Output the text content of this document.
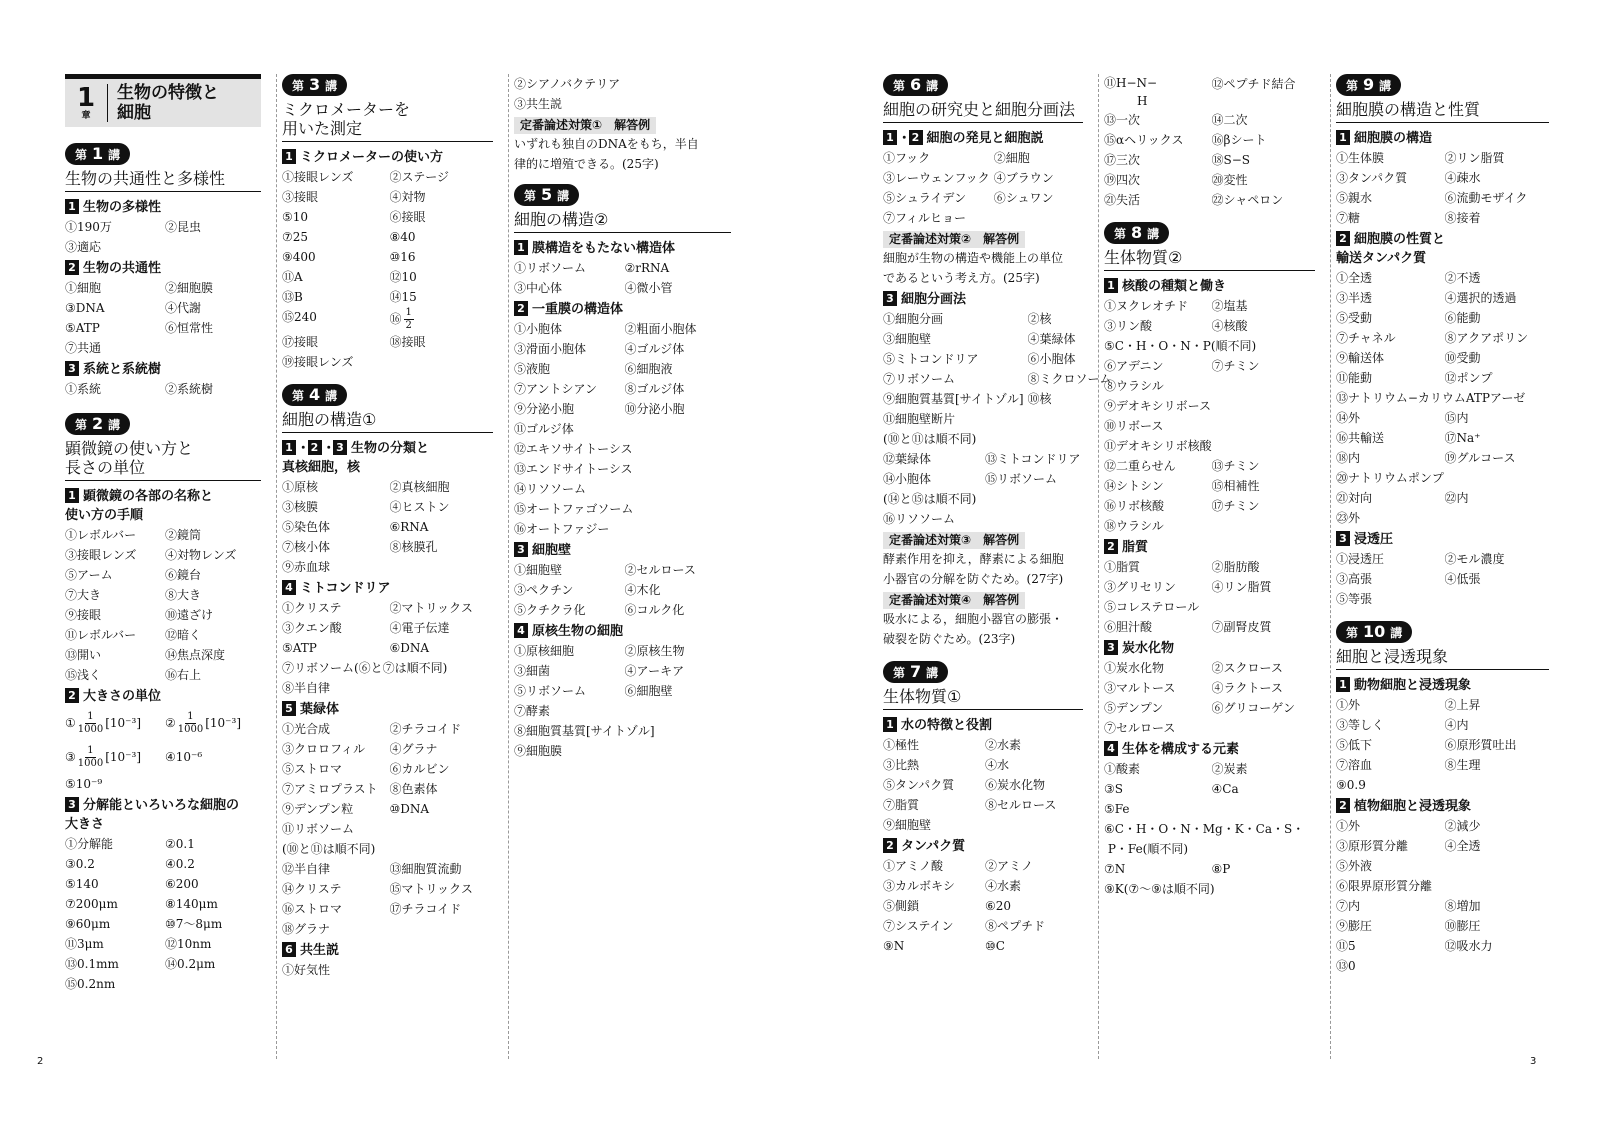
1
章
生物の特徴と
細胞
第 1 講
生物の共通性と多様性
1 生物の多様性
①190万	②昆虫
③適応
2 生物の共通性
①細胞	②細胞膜
③DNA	④代謝
⑤ATP	⑥恒常性
⑦共通
3 系統と系統樹
①系統	②系統樹
第 2 講
顕微鏡の使い方と
長さの単位
1 顕微鏡の各部の名称と
使い方の手順
①レボルバー	②鏡筒
③接眼レンズ	④対物レンズ
⑤アーム	⑥鏡台
⑦大き	⑧大き
⑨接眼	⑩遠ざけ
⑪レボルバー	⑫暗く
⑬開い	⑭焦点深度
⑮浅く	⑯右上
2 大きさの単位
① $\frac{1}{1000} [10^{-3}]$	② $\frac{1}{1000} [10^{-3}]$
③ $\frac{1}{1000} [10^{-3}]$	④10⁻⁶
⑤10⁻⁹
3 分解能といろいろな細胞の
大きさ
①分解能	②0.1
③0.2	④0.2
⑤140	⑥200
⑦200μm	⑧140μm
⑨60μm	⑩7～8μm
⑪3μm	⑫10nm
⑬0.1mm	⑭0.2μm
⑮0.2nm
第 3 講
ミクロメーターを
用いた測定
1 ミクロメーターの使い方
①接眼レンズ	②ステージ
③接眼	④対物
⑤10	⑥接眼
⑦25	⑧40
⑨400	⑩16
⑪A	⑫10
⑬B	⑭15
⑮240	⑯ $\frac{1}{2}$
⑰接眼	⑱接眼
⑲接眼レンズ
第 4 講
細胞の構造①
1 ･ 2 ･ 3 生物の分類と
真核細胞，核
①原核	②真核細胞
③核膜	④ヒストン
⑤染色体	⑥RNA
⑦核小体	⑧核膜孔
⑨赤血球
4 ミトコンドリア
①クリステ	②マトリックス
③クエン酸	④電子伝達
⑤ATP	⑥DNA
⑦リボソーム(⑥と⑦は順不同)
⑧半自律
5 葉緑体
①光合成	②チラコイド
③クロロフィル	④グラナ
⑤ストロマ	⑥カルビン
⑦アミロプラスト ⑧色素体
⑨デンプン粒	⑩DNA
⑪リボソーム
(⑩と⑪は順不同)
⑫半自律	⑬細胞質流動
⑭クリステ	⑮マトリックス
⑯ストロマ	⑰チラコイド
⑱グラナ
6 共生説
①好気性
②シアノバクテリア
③共生説
定番論述対策① 解答例
いずれも独自のDNAをもち，半自
律的に増殖できる。(25字)
第 5 講
細胞の構造②
1 膜構造をもたない構造体
①リボソーム	②rRNA
③中心体	④微小管
2 一重膜の構造体
①小胞体	②粗面小胞体
③滑面小胞体	④ゴルジ体
⑤液胞	⑥細胞液
⑦アントシアン	⑧ゴルジ体
⑨分泌小胞	⑩分泌小胞
⑪ゴルジ体
⑫エキソサイトーシス
⑬エンドサイトーシス
⑭リソソーム
⑮オートファゴソーム
⑯オートファジー
3 細胞壁
①細胞壁	②セルロース
③ペクチン	④木化
⑤クチクラ化	⑥コルク化
4 原核生物の細胞
①原核細胞	②原核生物
③細菌	④アーキア
⑤リボソーム	⑥細胞壁
⑦酵素
⑧細胞質基質[サイトゾル]
⑨細胞膜
第 6 講
細胞の研究史と細胞分画法
1 ･ 2 細胞の発見と細胞説
①フック	②細胞
③レーウェンフック ④ブラウン
⑤シュライデン	⑥シュワン
⑦フィルヒョー
定番論述対策② 解答例
細胞が生物の構造や機能上の単位
であるという考え方。(25字)
3 細胞分画法
①細胞分画	②核
③細胞壁	④葉緑体
⑤ミトコンドリア	⑥小胞体
⑦リボソーム	⑧ミクロソーム
⑨細胞質基質[サイトゾル] ⑩核
⑪細胞壁断片
(⑩と⑪は順不同)
⑫葉緑体	⑬ミトコンドリア
⑭小胞体	⑮リボソーム
(⑭と⑮は順不同)
⑯リソソーム
定番論述対策③ 解答例
酵素作用を抑え，酵素による細胞
小器官の分解を防ぐため。(27字)
定番論述対策④ 解答例
吸水による，細胞小器官の膨張・
破裂を防ぐため。(23字)
第 7 講
生体物質①
1 水の特徴と役割
①極性	②水素
③比熱	④水
⑤タンパク質	⑥炭水化物
⑦脂質	⑧セルロース
⑨細胞壁
2 タンパク質
①アミノ酸	②アミノ
③カルボキシ	④水素
⑤側鎖	⑥20
⑦システイン	⑧ペプチド
⑨N	⑩C
⑪H−N−
H
⑫ペプチド結合
⑬一次	⑭二次
⑮αヘリックス	⑯βシート
⑰三次	⑱S−S
⑲四次	⑳変性
㉑失活	㉒シャペロン
第 8 講
生体物質②
1 核酸の種類と働き
①ヌクレオチド	②塩基
③リン酸	④核酸
⑤C・H・O・N・P(順不同)
⑥アデニン	⑦チミン
⑧ウラシル
⑨デオキシリボース
⑩リボース
⑪デオキシリボ核酸
⑫二重らせん	⑬チミン
⑭シトシン	⑮相補性
⑯リボ核酸	⑰チミン
⑱ウラシル
2 脂質
①脂質	②脂肪酸
③グリセリン	④リン脂質
⑤コレステロール
⑥胆汁酸	⑦副腎皮質
3 炭水化物
①炭水化物	②スクロース
③マルトース	④ラクトース
⑤デンプン	⑥グリコーゲン
⑦セルロース
4 生体を構成する元素
①酸素	②炭素
③S	④Ca
⑤Fe
⑥C・H・O・N・Mg・K・Ca・S・
P・Fe(順不同)
⑦N	⑧P
⑨K(⑦～⑨は順不同)
第 9 講
細胞膜の構造と性質
1 細胞膜の構造
①生体膜	②リン脂質
③タンパク質	④疎水
⑤親水	⑥流動モザイク
⑦糖	⑧接着
2 細胞膜の性質と
輸送タンパク質
①全透	②不透
③半透	④選択的透過
⑤受動	⑥能動
⑦チャネル	⑧アクアポリン
⑨輸送体	⑩受動
⑪能動	⑫ポンプ
⑬ナトリウム−カリウムATPアーゼ
⑭外	⑮内
⑯共輸送	⑰Na⁺
⑱内	⑲グルコース
⑳ナトリウムポンプ
㉑対向	㉒内
㉓外
3 浸透圧
①浸透圧	②モル濃度
③高張	④低張
⑤等張
第 10 講
細胞と浸透現象
1 動物細胞と浸透現象
①外	②上昇
③等しく	④内
⑤低下	⑥原形質吐出
⑦溶血	⑧生理
⑨0.9
2 植物細胞と浸透現象
①外	②減少
③原形質分離	④全透
⑤外液
⑥限界原形質分離
⑦内	⑧増加
⑨膨圧	⑩膨圧
⑪5	⑫吸水力
⑬0
2	3
